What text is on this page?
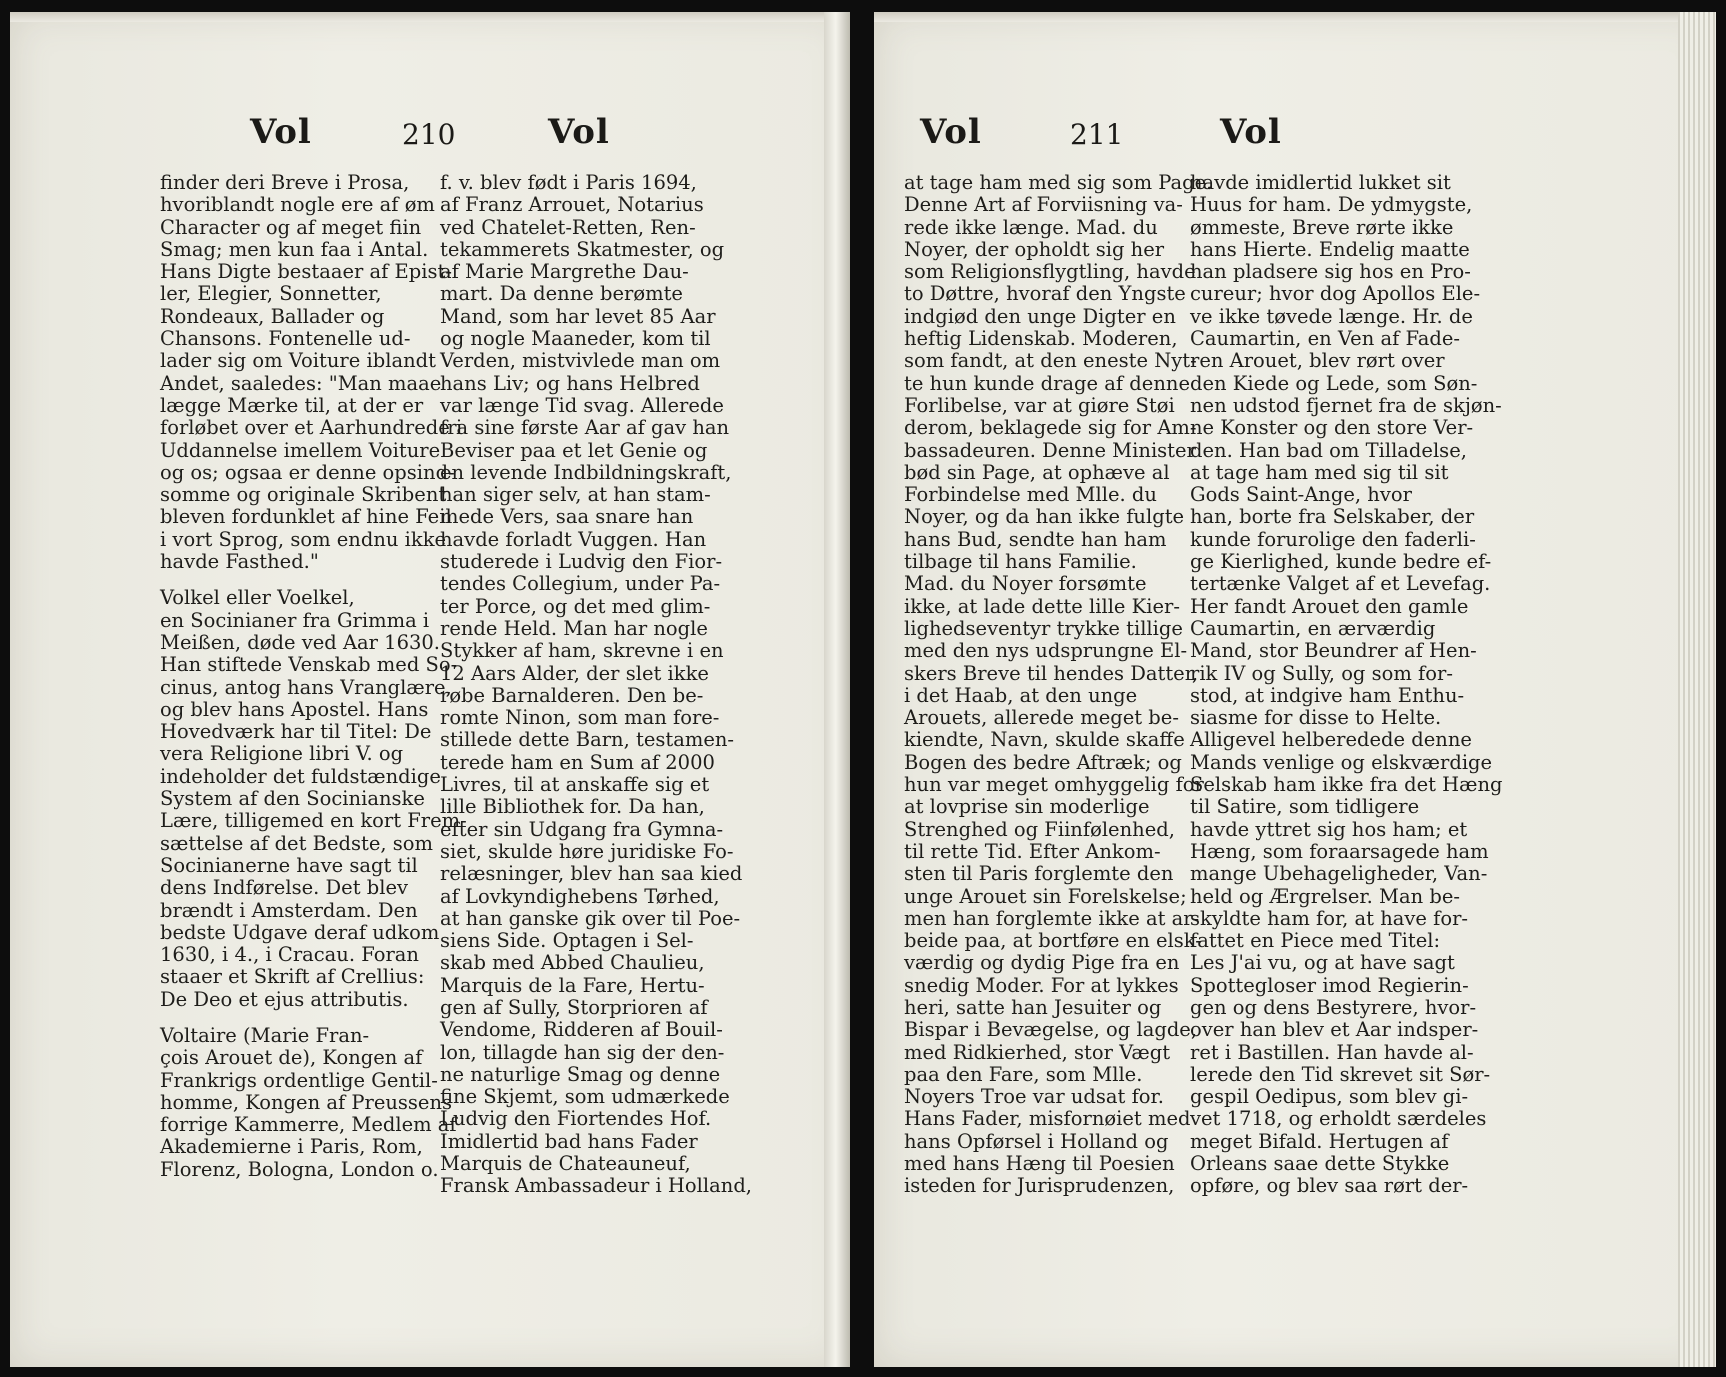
Vol	210	Vol
finder deri Breve i Prosa,
hvoriblandt nogle ere af øm
Character og af meget fiin
Smag; men kun faa i Antal.
Hans Digte bestaaer af Epist-
ler, Elegier, Sonnetter,
Rondeaux, Ballader og
Chansons. Fontenelle ud-
lader sig om Voiture iblandt
Andet, saaledes: "Man maae
lægge Mærke til, at der er
forløbet over et Aarhundrede i
Uddannelse imellem Voiture
og os; ogsaa er denne opsind-
somme og originale Skribent
bleven fordunklet af hine Feil
i vort Sprog, som endnu ikke
havde Fasthed."
Volkel eller Voelkel,
en Socinianer fra Grimma i
Meißen, døde ved Aar 1630.
Han stiftede Venskab med So-
cinus, antog hans Vranglære,
og blev hans Apostel. Hans
Hovedværk har til Titel: De
vera Religione libri V. og
indeholder det fuldstændige
System af den Socinianske
Lære, tilligemed en kort Frem-
sættelse af det Bedste, som
Socinianerne have sagt til
dens Indførelse. Det blev
brændt i Amsterdam. Den
bedste Udgave deraf udkom
1630, i 4., i Cracau. Foran
staaer et Skrift af Crellius:
De Deo et ejus attributis.
Voltaire (Marie Fran-
çois Arouet de), Kongen af
Frankrigs ordentlige Gentil-
homme, Kongen af Preussens
forrige Kammerre, Medlem af
Akademierne i Paris, Rom,
Florenz, Bologna, London o.
f. v. blev født i Paris 1694,
af Franz Arrouet, Notarius
ved Chatelet-Retten, Ren-
tekammerets Skatmester, og
af Marie Margrethe Dau-
mart. Da denne berømte
Mand, som har levet 85 Aar
og nogle Maaneder, kom til
Verden, mistvivlede man om
hans Liv; og hans Helbred
var længe Tid svag. Allerede
fra sine første Aar af gav han
Beviser paa et let Genie og
en levende Indbildningskraft,
han siger selv, at han stam-
mede Vers, saa snare han
havde forladt Vuggen. Han
studerede i Ludvig den Fior-
tendes Collegium, under Pa-
ter Porce, og det med glim-
rende Held. Man har nogle
Stykker af ham, skrevne i en
12 Aars Alder, der slet ikke
røbe Barnalderen. Den be-
romte Ninon, som man fore-
stillede dette Barn, testamen-
terede ham en Sum af 2000
Livres, til at anskaffe sig et
lille Bibliothek for. Da han,
efter sin Udgang fra Gymna-
siet, skulde høre juridiske Fo-
relæsninger, blev han saa kied
af Lovkyndighebens Tørhed,
at han ganske gik over til Poe-
siens Side. Optagen i Sel-
skab med Abbed Chaulieu,
Marquis de la Fare, Hertu-
gen af Sully, Storprioren af
Vendome, Ridderen af Bouil-
lon, tillagde han sig der den-
ne naturlige Smag og denne
fine Skjemt, som udmærkede
Ludvig den Fiortendes Hof.
Imidlertid bad hans Fader
Marquis de Chateauneuf,
Fransk Ambassadeur i Holland,
Vol	211	Vol
at tage ham med sig som Page.
Denne Art af Forviisning va-
rede ikke længe. Mad. du
Noyer, der opholdt sig her
som Religionsflygtling, havde
to Døttre, hvoraf den Yngste
indgiød den unge Digter en
heftig Lidenskab. Moderen,
som fandt, at den eneste Nyt-
te hun kunde drage af denne
Forlibelse, var at giøre Støi
derom, beklagede sig for Am-
bassadeuren. Denne Minister
bød sin Page, at ophæve al
Forbindelse med Mlle. du
Noyer, og da han ikke fulgte
hans Bud, sendte han ham
tilbage til hans Familie.
Mad. du Noyer forsømte
ikke, at lade dette lille Kier-
lighedseventyr trykke tillige
med den nys udsprungne El-
skers Breve til hendes Datter,
i det Haab, at den unge
Arouets, allerede meget be-
kiendte, Navn, skulde skaffe
Bogen des bedre Aftræk; og
hun var meget omhyggelig for
at lovprise sin moderlige
Strenghed og Fiinfølenhed,
til rette Tid. Efter Ankom-
sten til Paris forglemte den
unge Arouet sin Forelskelse;
men han forglemte ikke at ar-
beide paa, at bortføre en elsk-
værdig og dydig Pige fra en
snedig Moder. For at lykkes
heri, satte han Jesuiter og
Bispar i Bevægelse, og lagde,
med Ridkierhed, stor Vægt
paa den Fare, som Mlle.
Noyers Troe var udsat for.
Hans Fader, misfornøiet med
hans Opførsel i Holland og
med hans Hæng til Poesien
isteden for Jurisprudenzen,
havde imidlertid lukket sit
Huus for ham. De ydmygste,
ømmeste, Breve rørte ikke
hans Hierte. Endelig maatte
han pladsere sig hos en Pro-
cureur; hvor dog Apollos Ele-
ve ikke tøvede længe. Hr. de
Caumartin, en Ven af Fade-
ren Arouet, blev rørt over
den Kiede og Lede, som Søn-
nen udstod fjernet fra de skjøn-
ne Konster og den store Ver-
den. Han bad om Tilladelse,
at tage ham med sig til sit
Gods Saint-Ange, hvor
han, borte fra Selskaber, der
kunde forurolige den faderli-
ge Kierlighed, kunde bedre ef-
tertænke Valget af et Levefag.
Her fandt Arouet den gamle
Caumartin, en ærværdig
Mand, stor Beundrer af Hen-
rik IV og Sully, og som for-
stod, at indgive ham Enthu-
siasme for disse to Helte.
Alligevel helberedede denne
Mands venlige og elskværdige
Selskab ham ikke fra det Hæng
til Satire, som tidligere
havde yttret sig hos ham; et
Hæng, som foraarsagede ham
mange Ubehageligheder, Van-
held og Ærgrelser. Man be-
skyldte ham for, at have for-
fattet en Piece med Titel:
Les J'ai vu, og at have sagt
Spottegloser imod Regierin-
gen og dens Bestyrere, hvor-
over han blev et Aar indsper-
ret i Bastillen. Han havde al-
lerede den Tid skrevet sit Sør-
gespil Oedipus, som blev gi-
vet 1718, og erholdt særdeles
meget Bifald. Hertugen af
Orleans saae dette Stykke
opføre, og blev saa rørt der-
